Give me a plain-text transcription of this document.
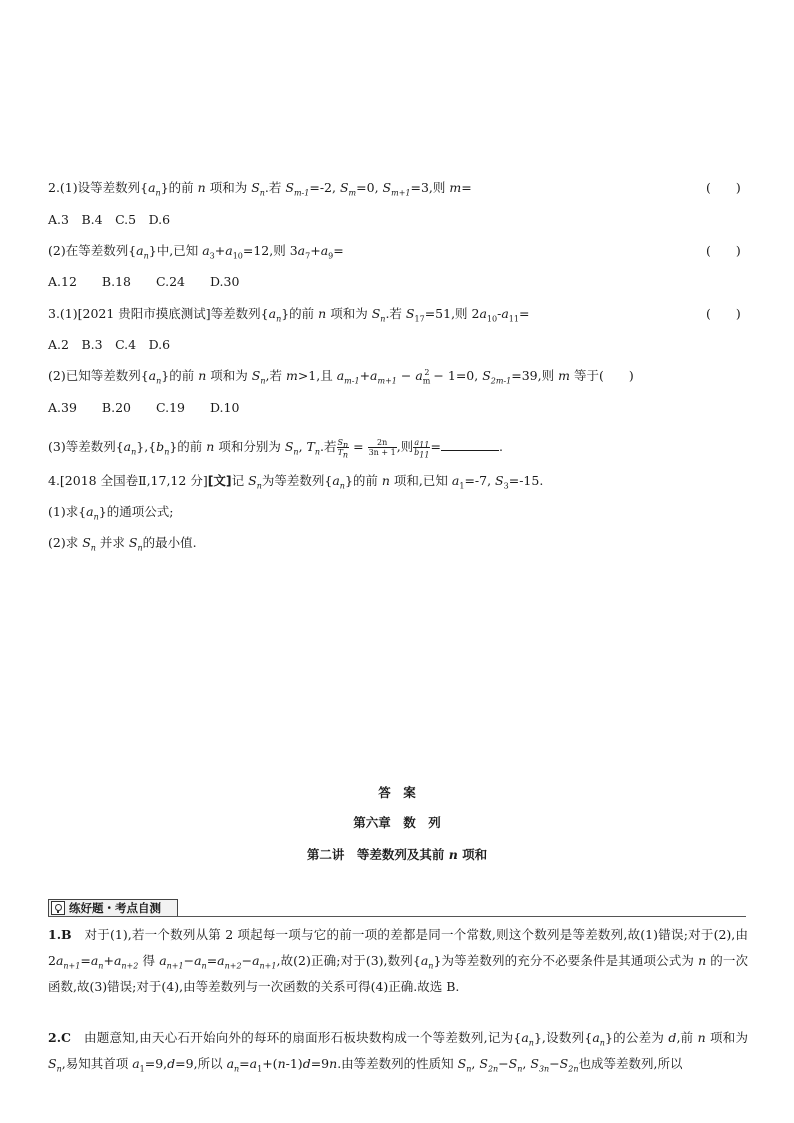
2.(1)设等差数列$\{a_n\}$的前 n 项和为 $S_n$.若 $S_{m-1}=-2$, $S_m=0$, $S_{m+1}=3$,则 m=	(　　)
A.3　B.4　C.5　D.6
(2)在等差数列$\{a_n\}$中,已知 $a_3+a_{10}=12$,则 $3a_7+a_9=$	(　　)
A.12　　B.18　　C.24　　D.30
3.(1)[2021 贵阳市摸底测试]等差数列$\{a_n\}$的前 n 项和为 $S_n$.若 $S_{17}=51$,则 $2a_{10}-a_{11}=$	(　　)
A.2　B.3　C.4　D.6
(2)已知等差数列$\{a_n\}$的前 n 项和为 $S_n$,若 m>1,且 $a_{m-1}+a_{m+1} - a_m^2 - 1=0$, $S_{2m-1}=39$,则 m 等于(　　)
A.39　　B.20　　C.19　　D.10
(3)等差数列$\{a_n\},\{b_n\}$的前 n 项和分别为 $S_n$, $T_n$.若 $\frac{S_n}{T_n} = \frac{2n}{3n + 1}$ ,则 $\frac{a_{11}}{b_{11}}$ =	.
4.[2018 全国卷Ⅱ,17,12 分][文]记 $S_n$为等差数列$\{a_n\}$的前 n 项和,已知 $a_1=-7$, $S_3=-15$.
(1)求$\{a_n\}$的通项公式;
(2)求 $S_n$ 并求 $S_n$的最小值.
答　案
第六章　数　列
第二讲　等差数列及其前 n 项和
练好题・考点自测
1.B　对于(1),若一个数列从第 2 项起每一项与它的前一项的差都是同一个常数,则这个数列是等差数列,故(1)错误;对于(2),由 $2a_{n+1}=a_n+a_{n+2}$ 得 $a_{n+1}-a_n=a_{n+2}-a_{n+1}$,故(2)正确;对于(3),数列$\{a_n\}$为等差数列的充分不必要条件是其通项公式为 n 的一次函数,故(3)错误;对于(4),由等差数列与一次函数的关系可得(4)正确.故选 B.
2.C　由题意知,由天心石开始向外的每环的扇面形石板块数构成一个等差数列,记为$\{a_n\}$,设数列$\{a_n\}$的公差为 d,前 n 项和为 $S_n$,易知其首项 $a_1=9,d=9$,所以 $a_n=a_1+(n-1)d=9n$.由等差数列的性质知 $S_n$, $S_{2n}-S_n$, $S_{3n}-S_{2n}$也成等差数列,所以
